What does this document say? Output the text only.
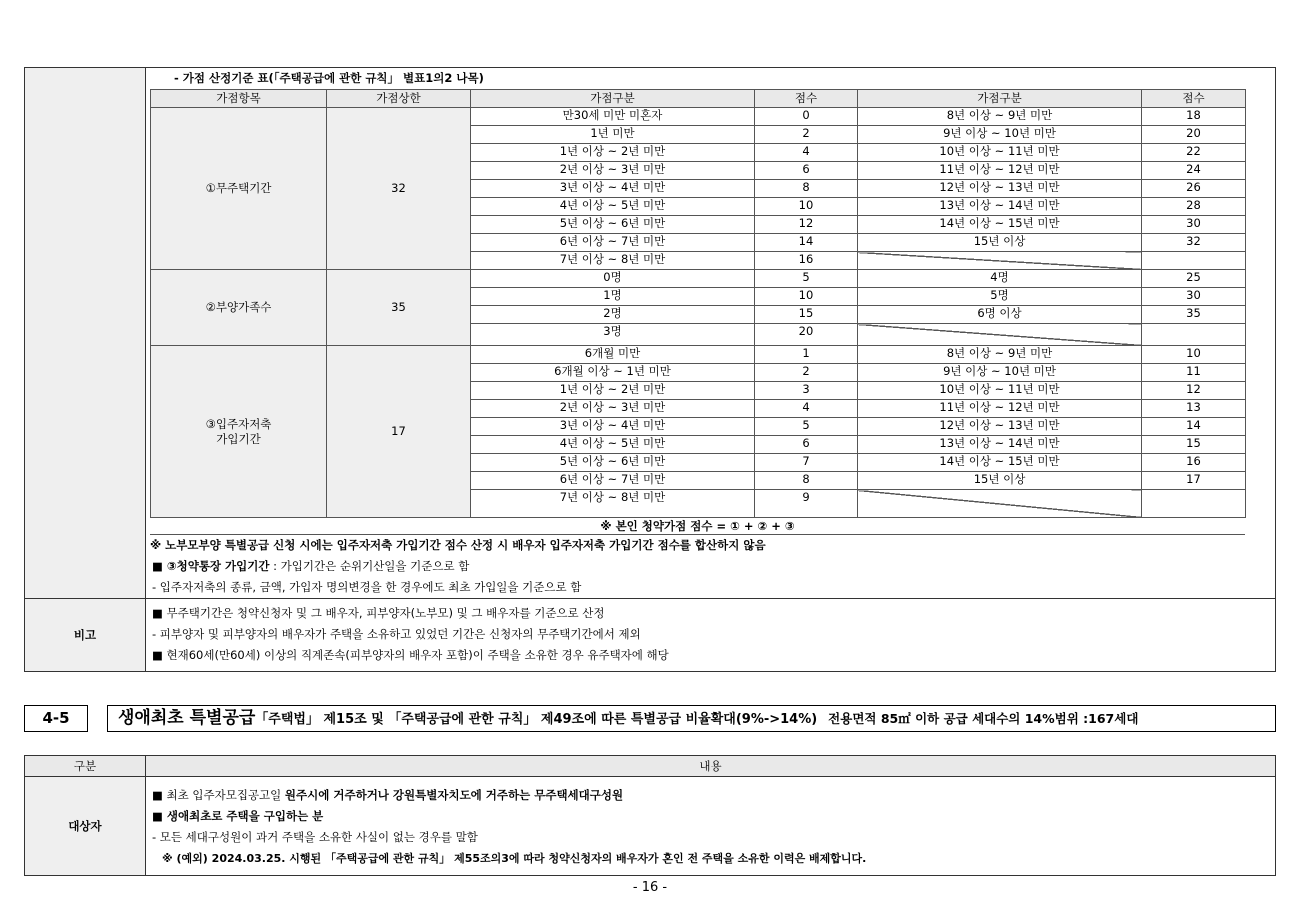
- 가점 산정기준 표(「주택공급에 관한 규칙」 별표1의2 나목)
가점항목	가점상한	가점구분	점수	가점구분	점수
①무주택기간	32	만30세 미만 미혼자	0	8년 이상 ~ 9년 미만	18
1년 미만	2	9년 이상 ~ 10년 미만	20
1년 이상 ~ 2년 미만	4	10년 이상 ~ 11년 미만	22
2년 이상 ~ 3년 미만	6	11년 이상 ~ 12년 미만	24
3년 이상 ~ 4년 미만	8	12년 이상 ~ 13년 미만	26
4년 이상 ~ 5년 미만	10	13년 이상 ~ 14년 미만	28
5년 이상 ~ 6년 미만	12	14년 이상 ~ 15년 미만	30
6년 이상 ~ 7년 미만	14	15년 이상	32
7년 이상 ~ 8년 미만	16		
②부양가족수	35	0명	5	4명	25
1명	10	5명	30
2명	15	6명 이상	35
3명	20		
③입주자저축
가입기간	17	6개월 미만	1	8년 이상 ~ 9년 미만	10
6개월 이상 ~ 1년 미만	2	9년 이상 ~ 10년 미만	11
1년 이상 ~ 2년 미만	3	10년 이상 ~ 11년 미만	12
2년 이상 ~ 3년 미만	4	11년 이상 ~ 12년 미만	13
3년 이상 ~ 4년 미만	5	12년 이상 ~ 13년 미만	14
4년 이상 ~ 5년 미만	6	13년 이상 ~ 14년 미만	15
5년 이상 ~ 6년 미만	7	14년 이상 ~ 15년 미만	16
6년 이상 ~ 7년 미만	8	15년 이상	17
7년 이상 ~ 8년 미만	9		
※ 본인 청약가점 점수 = ① + ② + ③
※ 노부모부양 특별공급 신청 시에는 입주자저축 가입기간 점수 산정 시 배우자 입주자저축 가입기간 점수를 합산하지 않음
■ ③청약통장 가입기간 : 가입기간은 순위기산일을 기준으로 함
- 입주자저축의 종류, 금액, 가입자 명의변경을 한 경우에도 최초 가입일을 기준으로 함

비고	
■ 무주택기간은 청약신청자 및 그 배우자, 피부양자(노부모) 및 그 배우자를 기준으로 산정
- 피부양자 및 피부양자의 배우자가 주택을 소유하고 있었던 기간은 신청자의 무주택기간에서 제외
■ 현재60세(만60세) 이상의 직계존속(피부양자의 배우자 포함)이 주택을 소유한 경우 유주택자에 해당
4-5	생애최초 특별공급「주택법」 제15조 및 「주택공급에 관한 규칙」 제49조에 따른 특별공급 비율확대(9%->14%) 전용면적 85㎡ 이하 공급 세대수의 14%범위 :167세대
구분	내용
대상자	■ 최초 입주자모집공고일 원주시에 거주하거나 강원특별자치도에 거주하는 무주택세대구성원
■ 생애최초로 주택을 구입하는 분
- 모든 세대구성원이 과거 주택을 소유한 사실이 없는 경우를 말함
※ (예외) 2024.03.25. 시행된 「주택공급에 관한 규칙」 제55조의3에 따라 청약신청자의 배우자가 혼인 전 주택을 소유한 이력은 배제합니다.
- 16 -
